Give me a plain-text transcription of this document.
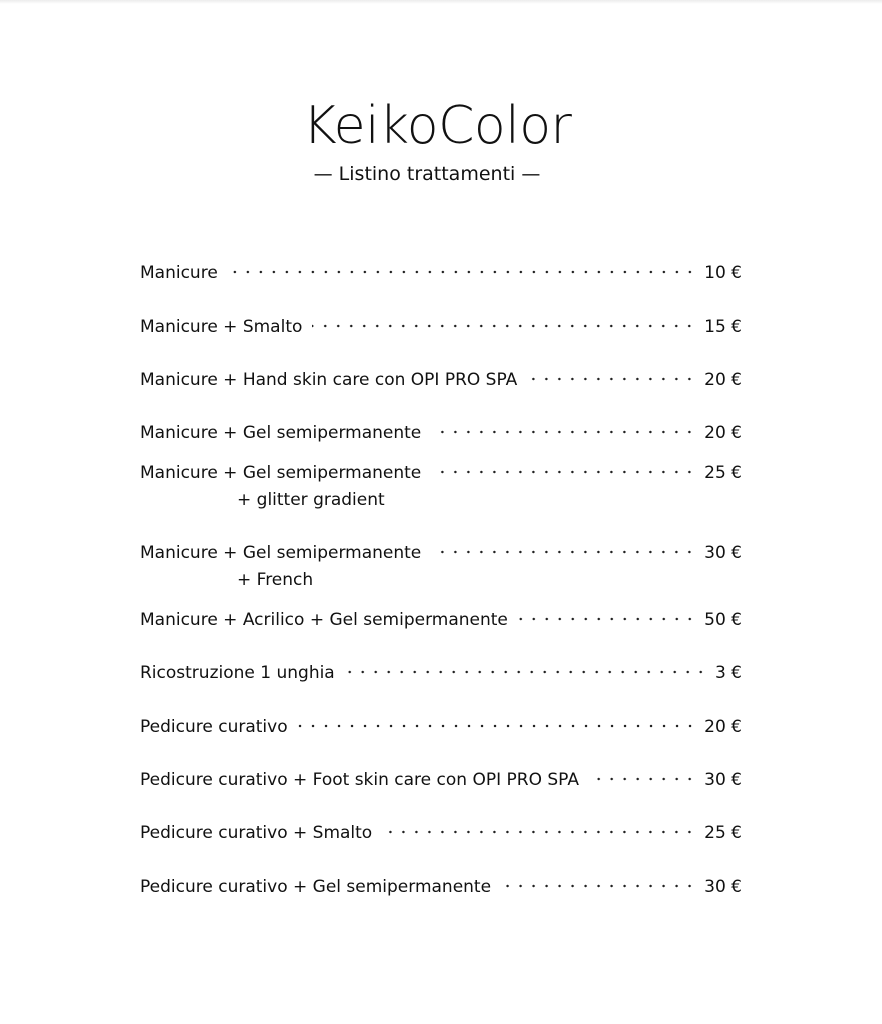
KeikoColor
— Listino trattamenti —
Manicure	10 €
Manicure + Smalto	15 €
Manicure + Hand skin care con OPI PRO SPA	20 €
Manicure + Gel semipermanente	20 €
Manicure + Gel semipermanente	25 €
+ glitter gradient
Manicure + Gel semipermanente	30 €
+ French
Manicure + Acrilico + Gel semipermanente	50 €
Ricostruzione 1 unghia	3 €
Pedicure curativo	20 €
Pedicure curativo + Foot skin care con OPI PRO SPA	30 €
Pedicure curativo + Smalto	25 €
Pedicure curativo + Gel semipermanente	30 €
